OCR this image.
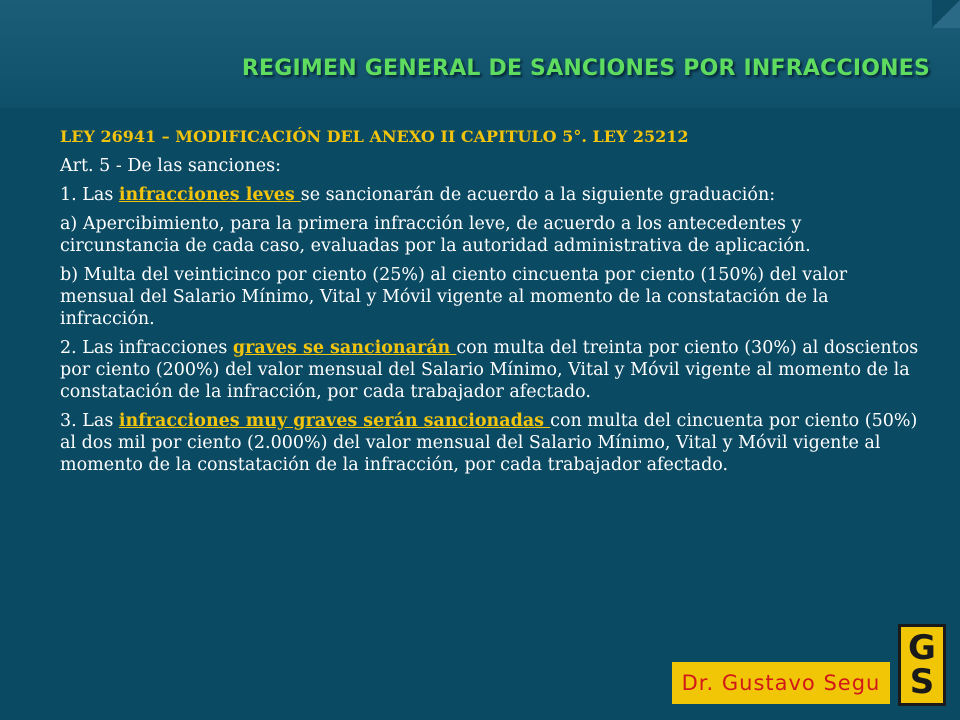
REGIMEN GENERAL DE SANCIONES POR INFRACCIONES

LEY 26941 – MODIFICACIÓN DEL ANEXO II CAPITULO 5°. LEY 25212

Art. 5 - De las sanciones:

1. Las infracciones leves se sancionarán de acuerdo a la siguiente graduación:

a) Apercibimiento, para la primera infracción leve, de acuerdo a los antecedentes y circunstancia de cada caso, evaluadas por la autoridad administrativa de aplicación.

b) Multa del veinticinco por ciento (25%) al ciento cincuenta por ciento (150%) del valor mensual del Salario Mínimo, Vital y Móvil vigente al momento de la constatación de la infracción.

2. Las infracciones graves se sancionarán con multa del treinta por ciento (30%) al doscientos por ciento (200%) del valor mensual del Salario Mínimo, Vital y Móvil vigente al momento de la constatación de la infracción, por cada trabajador afectado.

3. Las infracciones muy graves serán sancionadas con multa del cincuenta por ciento (50%) al dos mil por ciento (2.000%) del valor mensual del Salario Mínimo, Vital y Móvil vigente al momento de la constatación de la infracción, por cada trabajador afectado.

Dr. Gustavo Segu
G
S
